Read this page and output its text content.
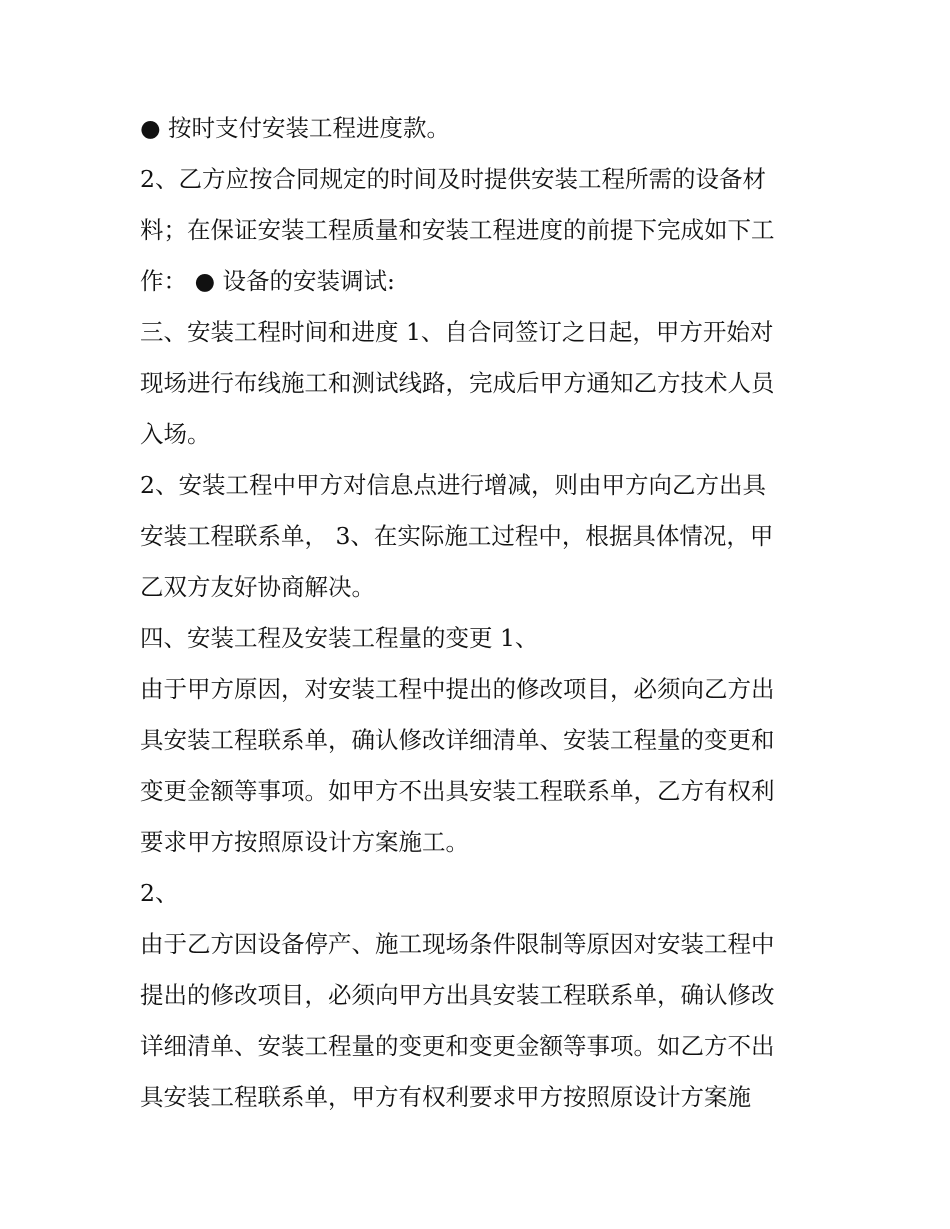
● 按时支付安装工程进度款。
2、乙方应按合同规定的时间及时提供安装工程所需的设备材
料；在保证安装工程质量和安装工程进度的前提下完成如下工
作： ● 设备的安装调试:
三、安装工程时间和进度 1、自合同签订之日起，甲方开始对
现场进行布线施工和测试线路，完成后甲方通知乙方技术人员
入场。
2、安装工程中甲方对信息点进行增减，则由甲方向乙方出具
安装工程联系单， 3、在实际施工过程中，根据具体情况，甲
乙双方友好协商解决。
四、安装工程及安装工程量的变更 1、
由于甲方原因，对安装工程中提出的修改项目，必须向乙方出
具安装工程联系单，确认修改详细清单、安装工程量的变更和
变更金额等事项。如甲方不出具安装工程联系单，乙方有权利
要求甲方按照原设计方案施工。
2、
由于乙方因设备停产、施工现场条件限制等原因对安装工程中
提出的修改项目，必须向甲方出具安装工程联系单，确认修改
详细清单、安装工程量的变更和变更金额等事项。如乙方不出
具安装工程联系单，甲方有权利要求甲方按照原设计方案施
